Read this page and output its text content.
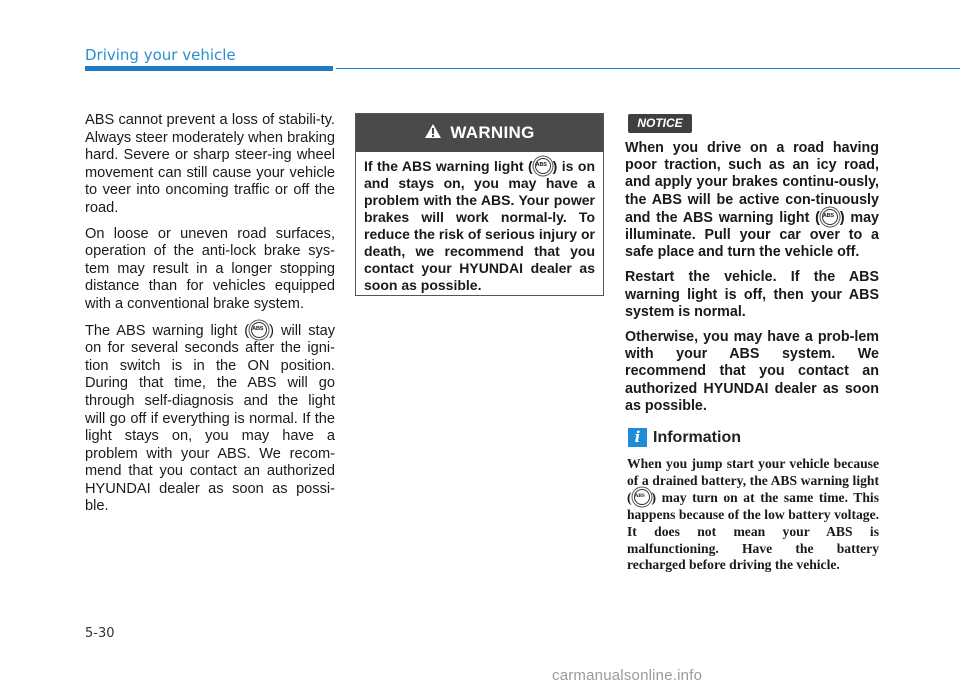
Driving your vehicle

ABS cannot prevent a loss of stabili-ty. Always steer moderately when braking hard. Severe or sharp steer-ing wheel movement can still cause your vehicle to veer into oncoming traffic or off the road.

On loose or uneven road surfaces, operation of the anti-lock brake sys-tem may result in a longer stopping distance than for vehicles equipped with a conventional brake system.

The ABS warning light ( ABS ) will stay on for several seconds after the igni-tion switch is in the ON position. During that time, the ABS will go through self-diagnosis and the light will go off if everything is normal. If the light stays on, you may have a problem with your ABS. We recom-mend that you contact an authorized HYUNDAI dealer as soon as possi-ble.

WARNING
If the ABS warning light ( ABS ) is on and stays on, you may have a problem with the ABS. Your power brakes will work normal-ly. To reduce the risk of serious injury or death, we recommend that you contact your HYUNDAI dealer as soon as possible.
NOTICE

When you drive on a road having poor traction, such as an icy road, and apply your brakes continu-ously, the ABS will be active con-tinuously and the ABS warning light ( ABS ) may illuminate. Pull your car over to a safe place and turn the vehicle off.

Restart the vehicle. If the ABS warning light is off, then your ABS system is normal.

Otherwise, you may have a prob-lem with your ABS system. We recommend that you contact an authorized HYUNDAI dealer as soon as possible.

i Information

When you jump start your vehicle because of a drained battery, the ABS warning light ( ABS ) may turn on at the same time. This happens because of the low battery voltage. It does not mean your ABS is malfunctioning. Have the battery recharged before driving the vehicle.

5-30
carmanualsonline.info
